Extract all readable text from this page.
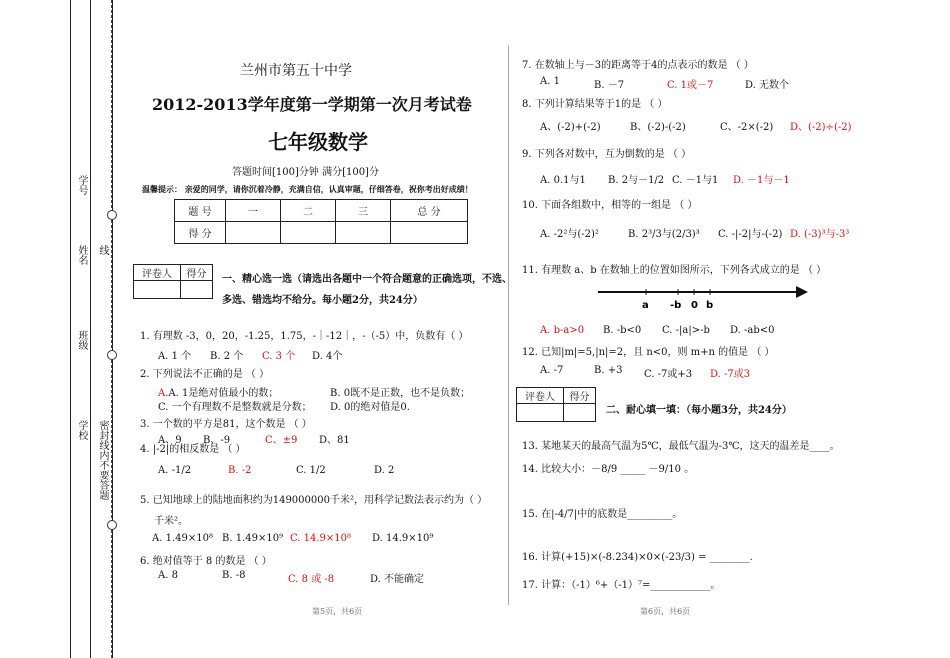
学校
班级
姓名
学号
线
密封线内不要答题
兰州市第五十中学
2012-2013学年度第一学期第一次月考试卷
七年级数学
答题时间[100]分钟 满分[100]分
温馨提示： 亲爱的同学，请你沉着冷静，充满自信，认真审题，仔细答卷，祝你考出好成绩！
题 号	一	二	三	总 分
得 分				
评卷人	得分
	一、精心选一选（请选出各题中一个符合题意的正确选项，不选、
多选、错选均不给分。每小题2分，共24分）
1. 有理数 -3，0，20，-1.25，1.75，-｜-12｜，-（-5）中，负数有（ ）
A. 1 个 B. 2 个 C. 3 个 D. 4个
2. 下列说法不正确的是 （ ）
A.A. 1是绝对值最小的数；	B. 0既不是正数，也不是负数；
C. 一个有理数不是整数就是分数； D. 0的绝对值是0.
3. 一个数的平方是81，这个数是 （ ）
A、9 B、-9	C、±9 D、81
4. |-2|的相反数是 （ ）
A. -1/2	B. -2	C. 1/2	D. 2
5. 已知地球上的陆地面积约为149000000千米²，用科学记数法表示约为（ ）
千米²。
A. 1.49×10⁸ B. 1.49×10⁹ C. 14.9×10⁸ D. 14.9×10⁹
6. 绝对值等于 8 的数是 （ ）
A. 8	B. -8	C. 8 或 -8	D. 不能确定
第5页，共6页
7. 在数轴上与－3的距离等于4的点表示的数是 （ ）
A. 1	B. －7	C. 1或－7	D. 无数个
8. 下列计算结果等于1的是 （ ）
A、(-2)+(-2)	B、(-2)-(-2)	C、-2×(-2) D、(-2)÷(-2)
9. 下列各对数中，互为倒数的是 （ ）
A. 0.1与1 B. 2与－1/2 C. －1与1 D. －1与－1
10. 下面各组数中，相等的一组是 （ ）
A. -2²与(-2)²	B. 2³/3与(2/3)³ C. -|-2|与-(-2) D. (-3)³与-3³
11. 有理数 a、b 在数轴上的位置如图所示，下列各式成立的是 （ ）
a -b 0 b
A. b-a>0 B. -b<0 C. -|a|>-b D. -ab<0
12. 已知|m|=5,|n|=2，且 n<0，则 m+n 的值是 （ ）
A. -7	B. +3 C. -7或+3 D. -7或3
评卷人	得分

二、耐心填一填：（每小题3分，共24分）
13. 某地某天的最高气温为5℃，最低气温为-3℃，这天的温差是____。
14. 比较大小：－8/9 _____ －9/10 。
15. 在|-4/7|中的底数是_________。
16. 计算(+15)×(-8.234)×0×(-23/3) = ________.
17. 计算：（-1）⁶+（-1）⁷=____________。
第6页，共6页
